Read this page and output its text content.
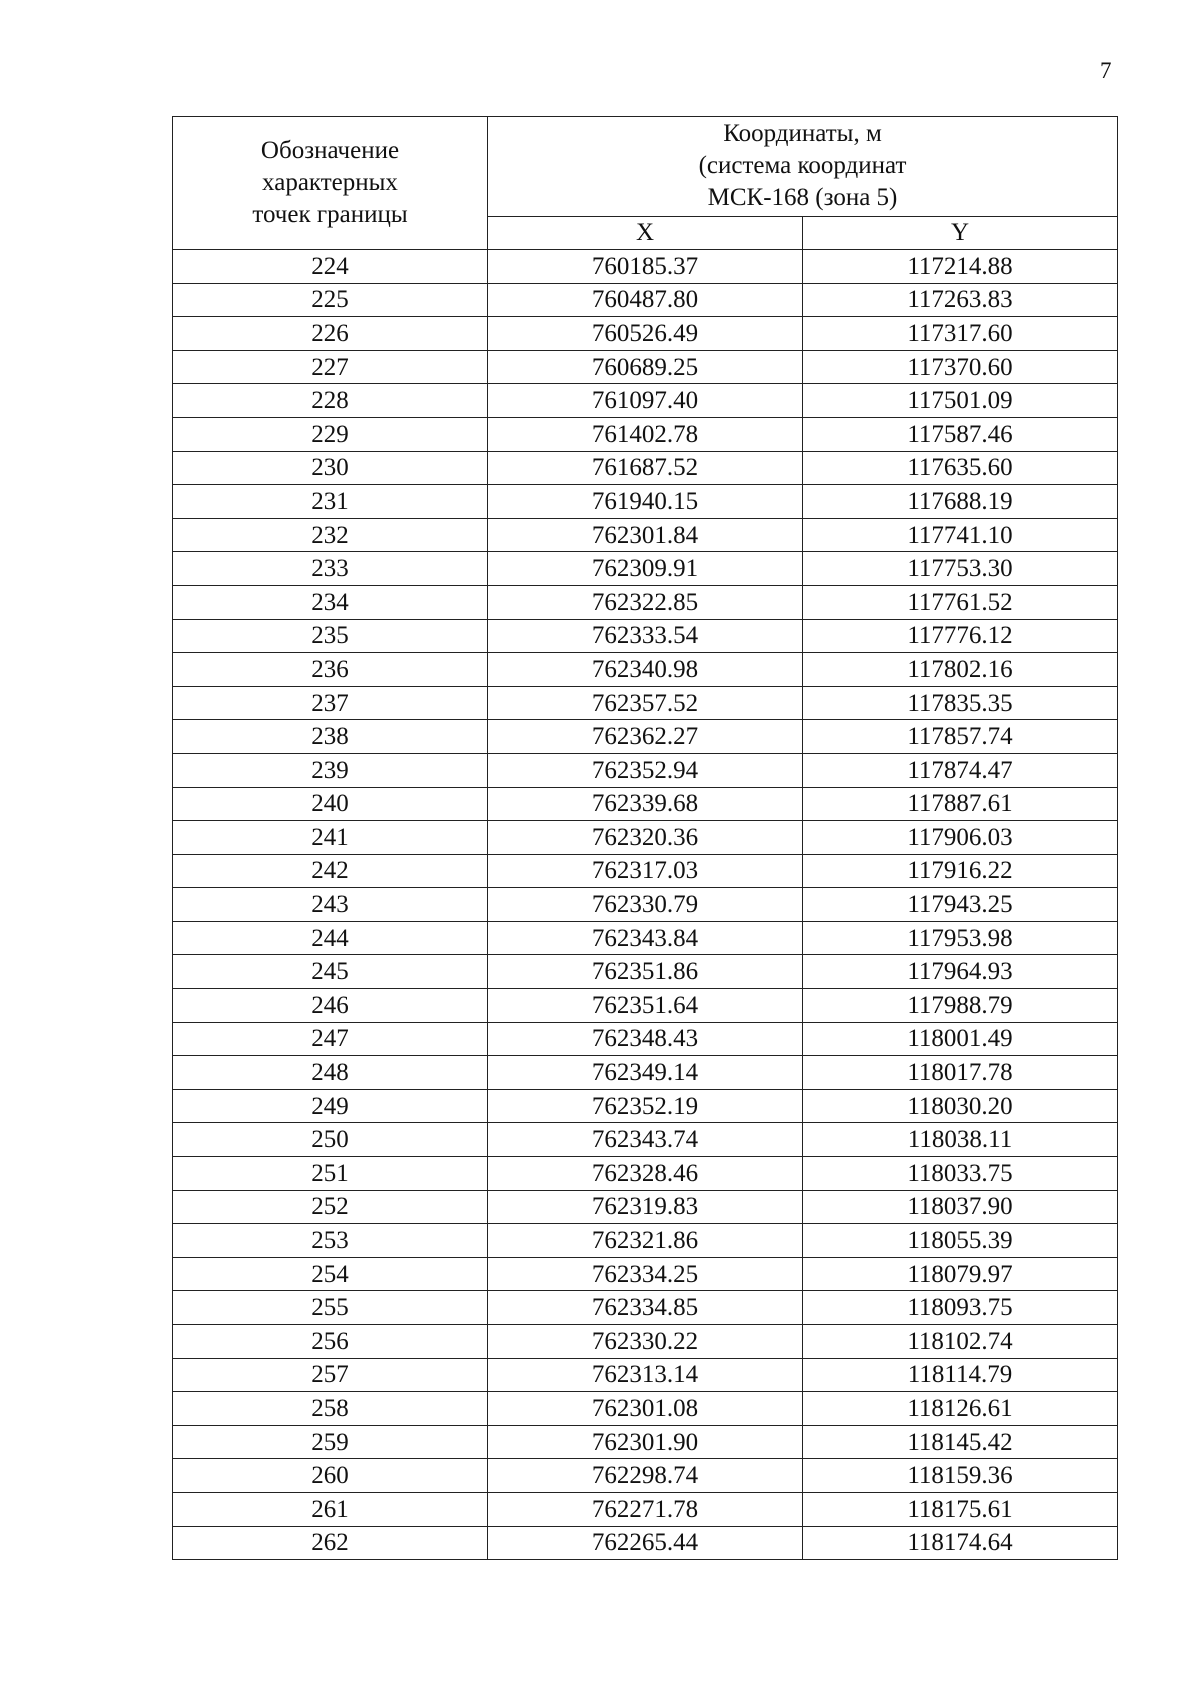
7
Обозначение
характерных
точек границы	Координаты, м
(система координат
МСК-168 (зона 5)	
	X	Y
224	760185.37	117214.88
225	760487.80	117263.83
226	760526.49	117317.60
227	760689.25	117370.60
228	761097.40	117501.09
229	761402.78	117587.46
230	761687.52	117635.60
231	761940.15	117688.19
232	762301.84	117741.10
233	762309.91	117753.30
234	762322.85	117761.52
235	762333.54	117776.12
236	762340.98	117802.16
237	762357.52	117835.35
238	762362.27	117857.74
239	762352.94	117874.47
240	762339.68	117887.61
241	762320.36	117906.03
242	762317.03	117916.22
243	762330.79	117943.25
244	762343.84	117953.98
245	762351.86	117964.93
246	762351.64	117988.79
247	762348.43	118001.49
248	762349.14	118017.78
249	762352.19	118030.20
250	762343.74	118038.11
251	762328.46	118033.75
252	762319.83	118037.90
253	762321.86	118055.39
254	762334.25	118079.97
255	762334.85	118093.75
256	762330.22	118102.74
257	762313.14	118114.79
258	762301.08	118126.61
259	762301.90	118145.42
260	762298.74	118159.36
261	762271.78	118175.61
262	762265.44	118174.64
